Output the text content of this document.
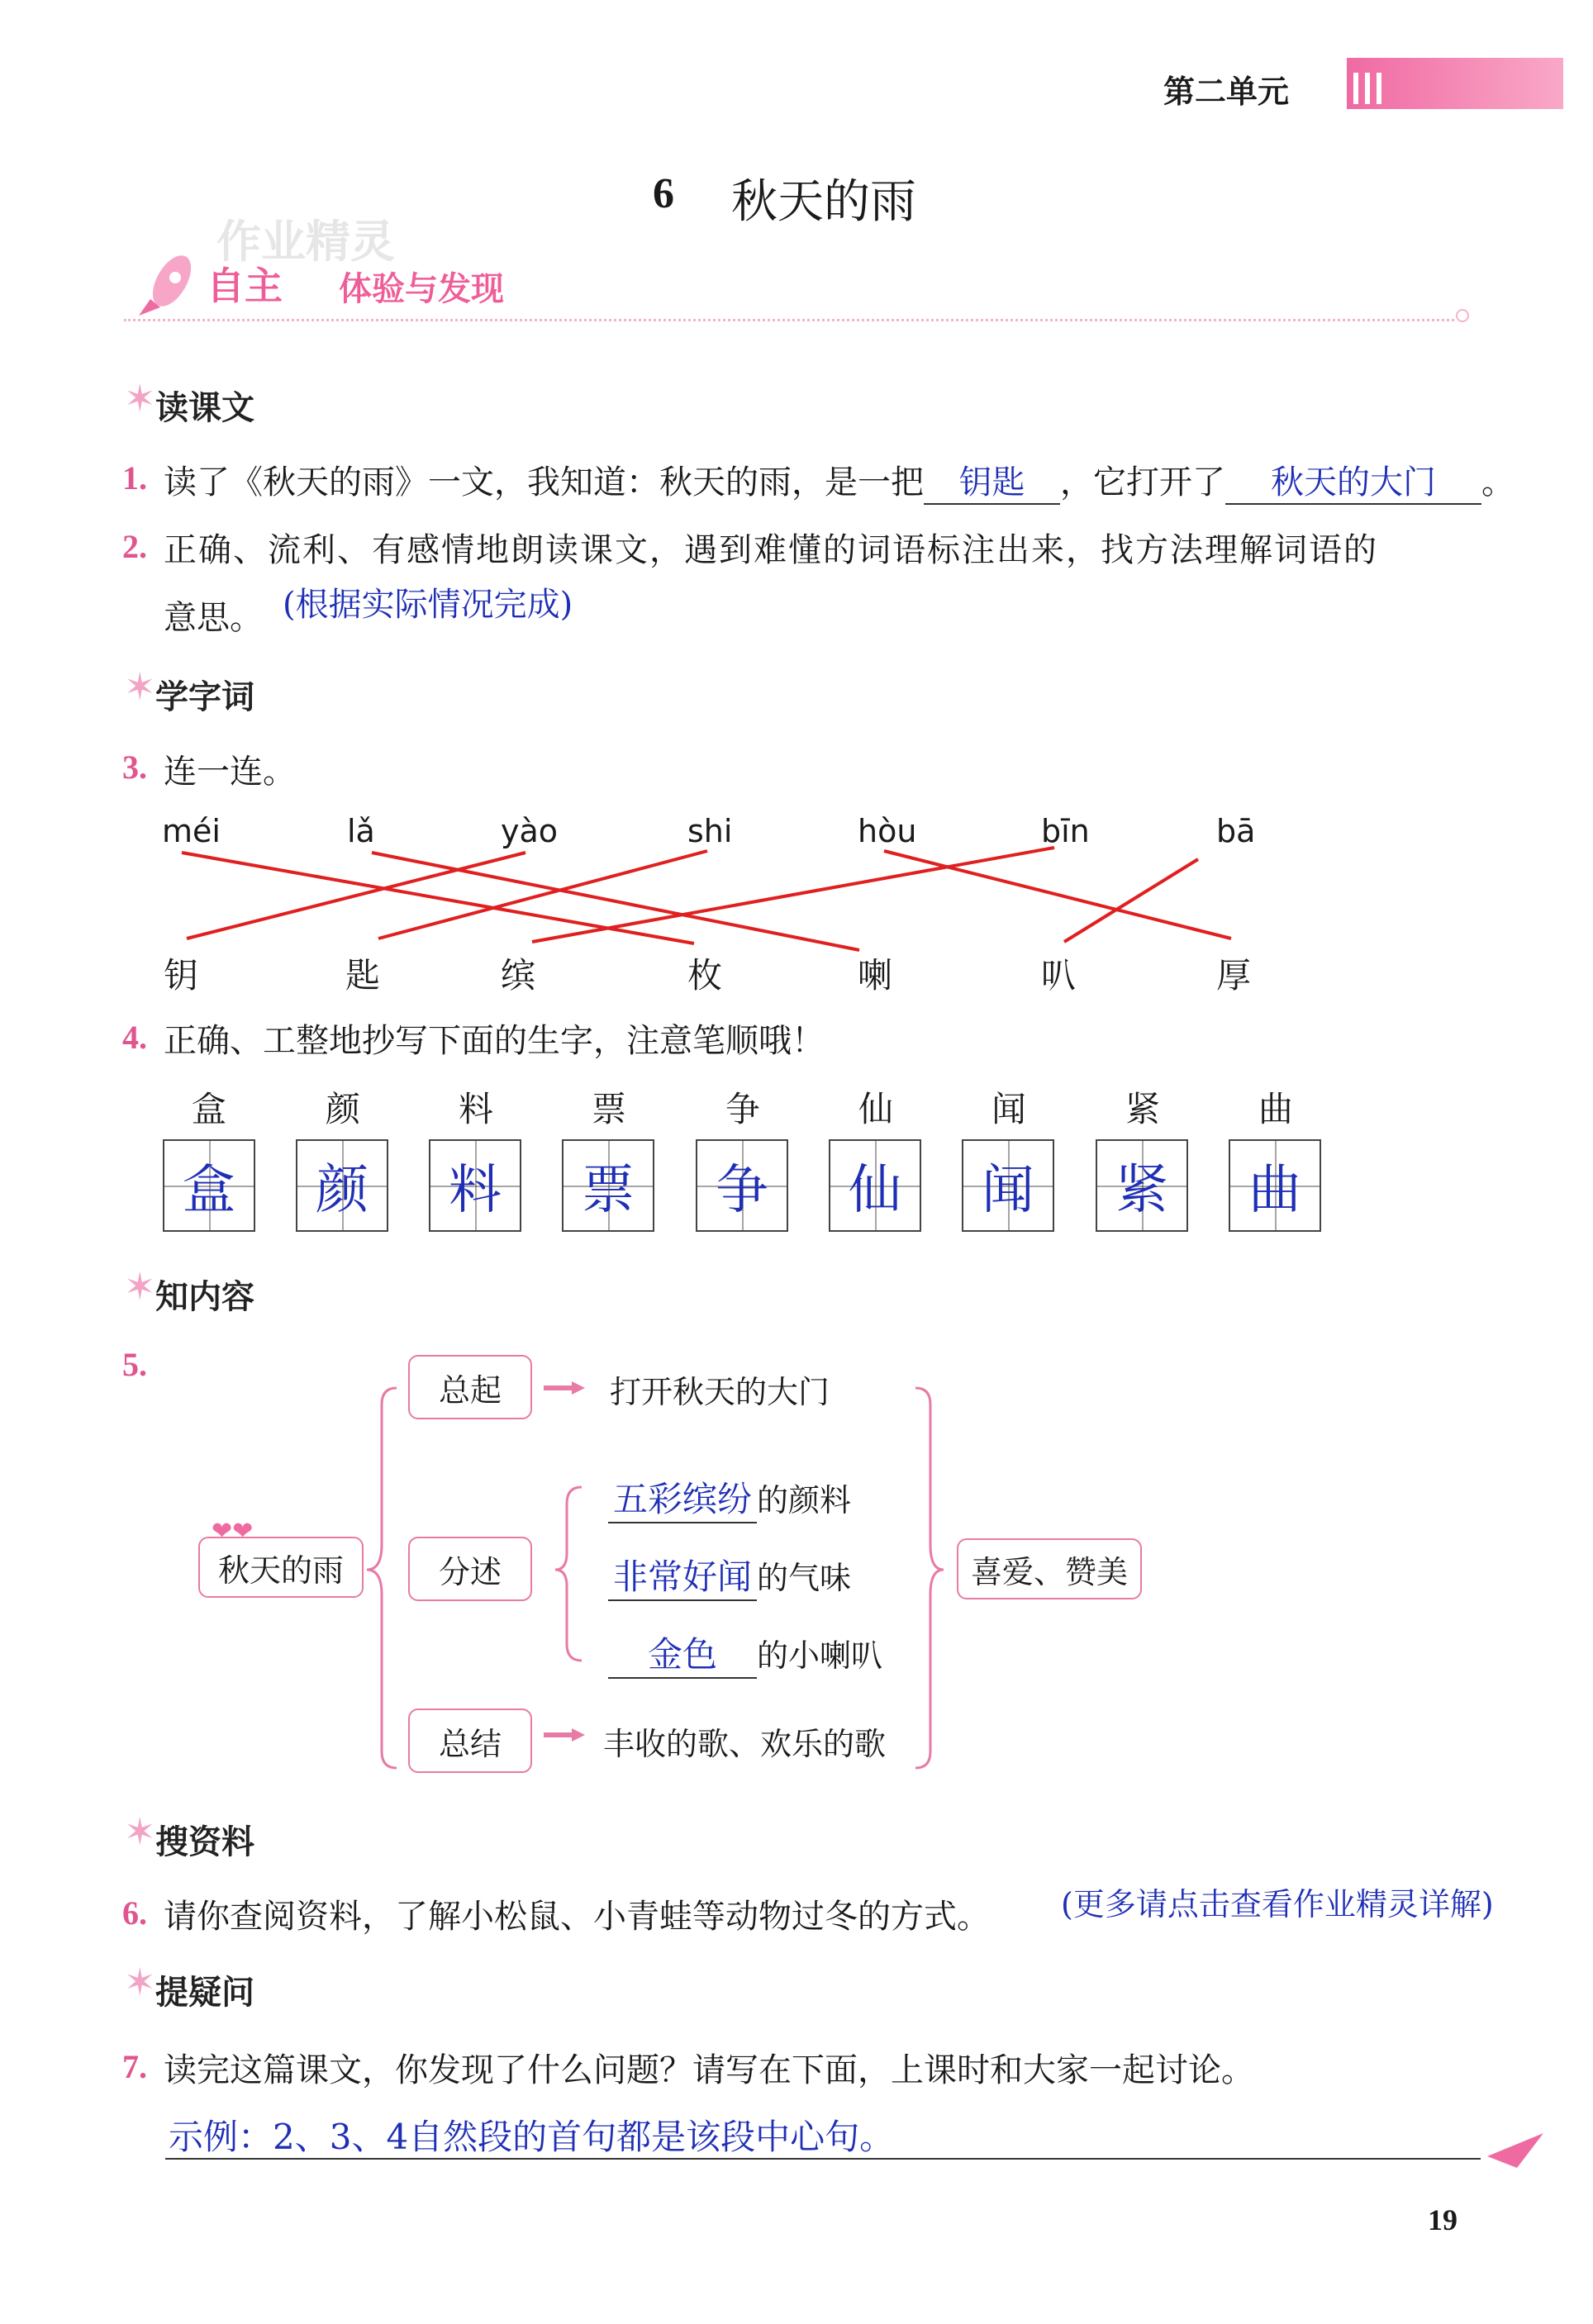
第二单元
6 秋天的雨
自主 体验与发现
作业精灵
✶ 读课文
1. 读了《秋天的雨》一文，我知道：秋天的雨，是一把 钥匙 ，它打开了 秋天的大门 。
2. 正确、流利、有感情地朗读课文，遇到难懂的词语标注出来，找方法理解词语的
意思。 (根据实际情况完成)
✶ 学字词
3. 连一连。
méi	lǎ	yào	shi	hòu	bīn	bā
钥	匙	缤	枚	喇	叭	厚
4. 正确、工整地抄写下面的生字，注意笔顺哦！
盒	颜	料	票	争	仙	闻	紧	曲
盒	颜	料	票	争	仙	闻	紧	曲
✶ 知内容
5.
秋天的雨
❤❤
总起	打开秋天的大门
分述
五彩缤纷 的颜料
非常好闻 的气味
金色 的小喇叭
总结	丰收的歌、欢乐的歌
喜爱、赞美
✶ 搜资料
6. 请你查阅资料，了解小松鼠、小青蛙等动物过冬的方式。 (更多请点击查看作业精灵详解)
✶ 提疑问
7. 读完这篇课文，你发现了什么问题？请写在下面，上课时和大家一起讨论。
示例：2、3、4自然段的首句都是该段中心句。
19
